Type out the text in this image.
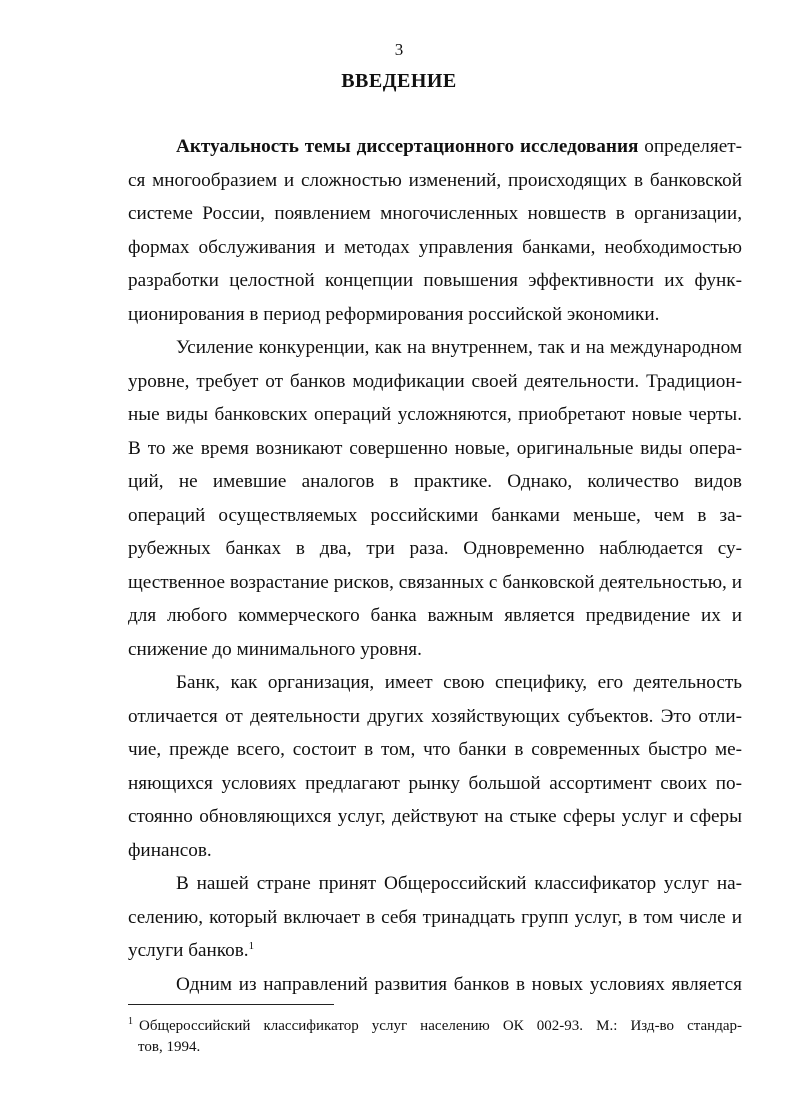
3
ВВЕДЕНИЕ
Актуальность темы диссертационного исследования определяет-
ся многообразием и сложностью изменений, происходящих в банковской
системе России, появлением многочисленных новшеств в организации,
формах обслуживания и методах управления банками, необходимостью
разработки целостной концепции повышения эффективности их функ-
ционирования в период реформирования российской экономики.
Усиление конкуренции, как на внутреннем, так и на международном
уровне, требует от банков модификации своей деятельности. Традицион-
ные виды банковских операций усложняются, приобретают новые черты.
В то же время возникают совершенно новые, оригинальные виды опера-
ций, не имевшие аналогов в практике. Однако, количество видов
операций осуществляемых российскими банками меньше, чем в за-
рубежных банках в два, три раза. Одновременно наблюдается су-
щественное возрастание рисков, связанных с банковской деятельностью, и
для любого коммерческого банка важным является предвидение их и
снижение до минимального уровня.
Банк, как организация, имеет свою специфику, его деятельность
отличается от деятельности других хозяйствующих субъектов. Это отли-
чие, прежде всего, состоит в том, что банки в современных быстро ме-
няющихся условиях предлагают рынку большой ассортимент своих по-
стоянно обновляющихся услуг, действуют на стыке сферы услуг и сферы
финансов.
В нашей стране принят Общероссийский классификатор услуг на-
селению, который включает в себя тринадцать групп услуг, в том числе и
услуги банков.$^1$
Одним из направлений развития банков в новых условиях является
$^1$ Общероссийский классификатор услуг населению ОК 002-93. М.: Изд-во стандар-
тов, 1994.
